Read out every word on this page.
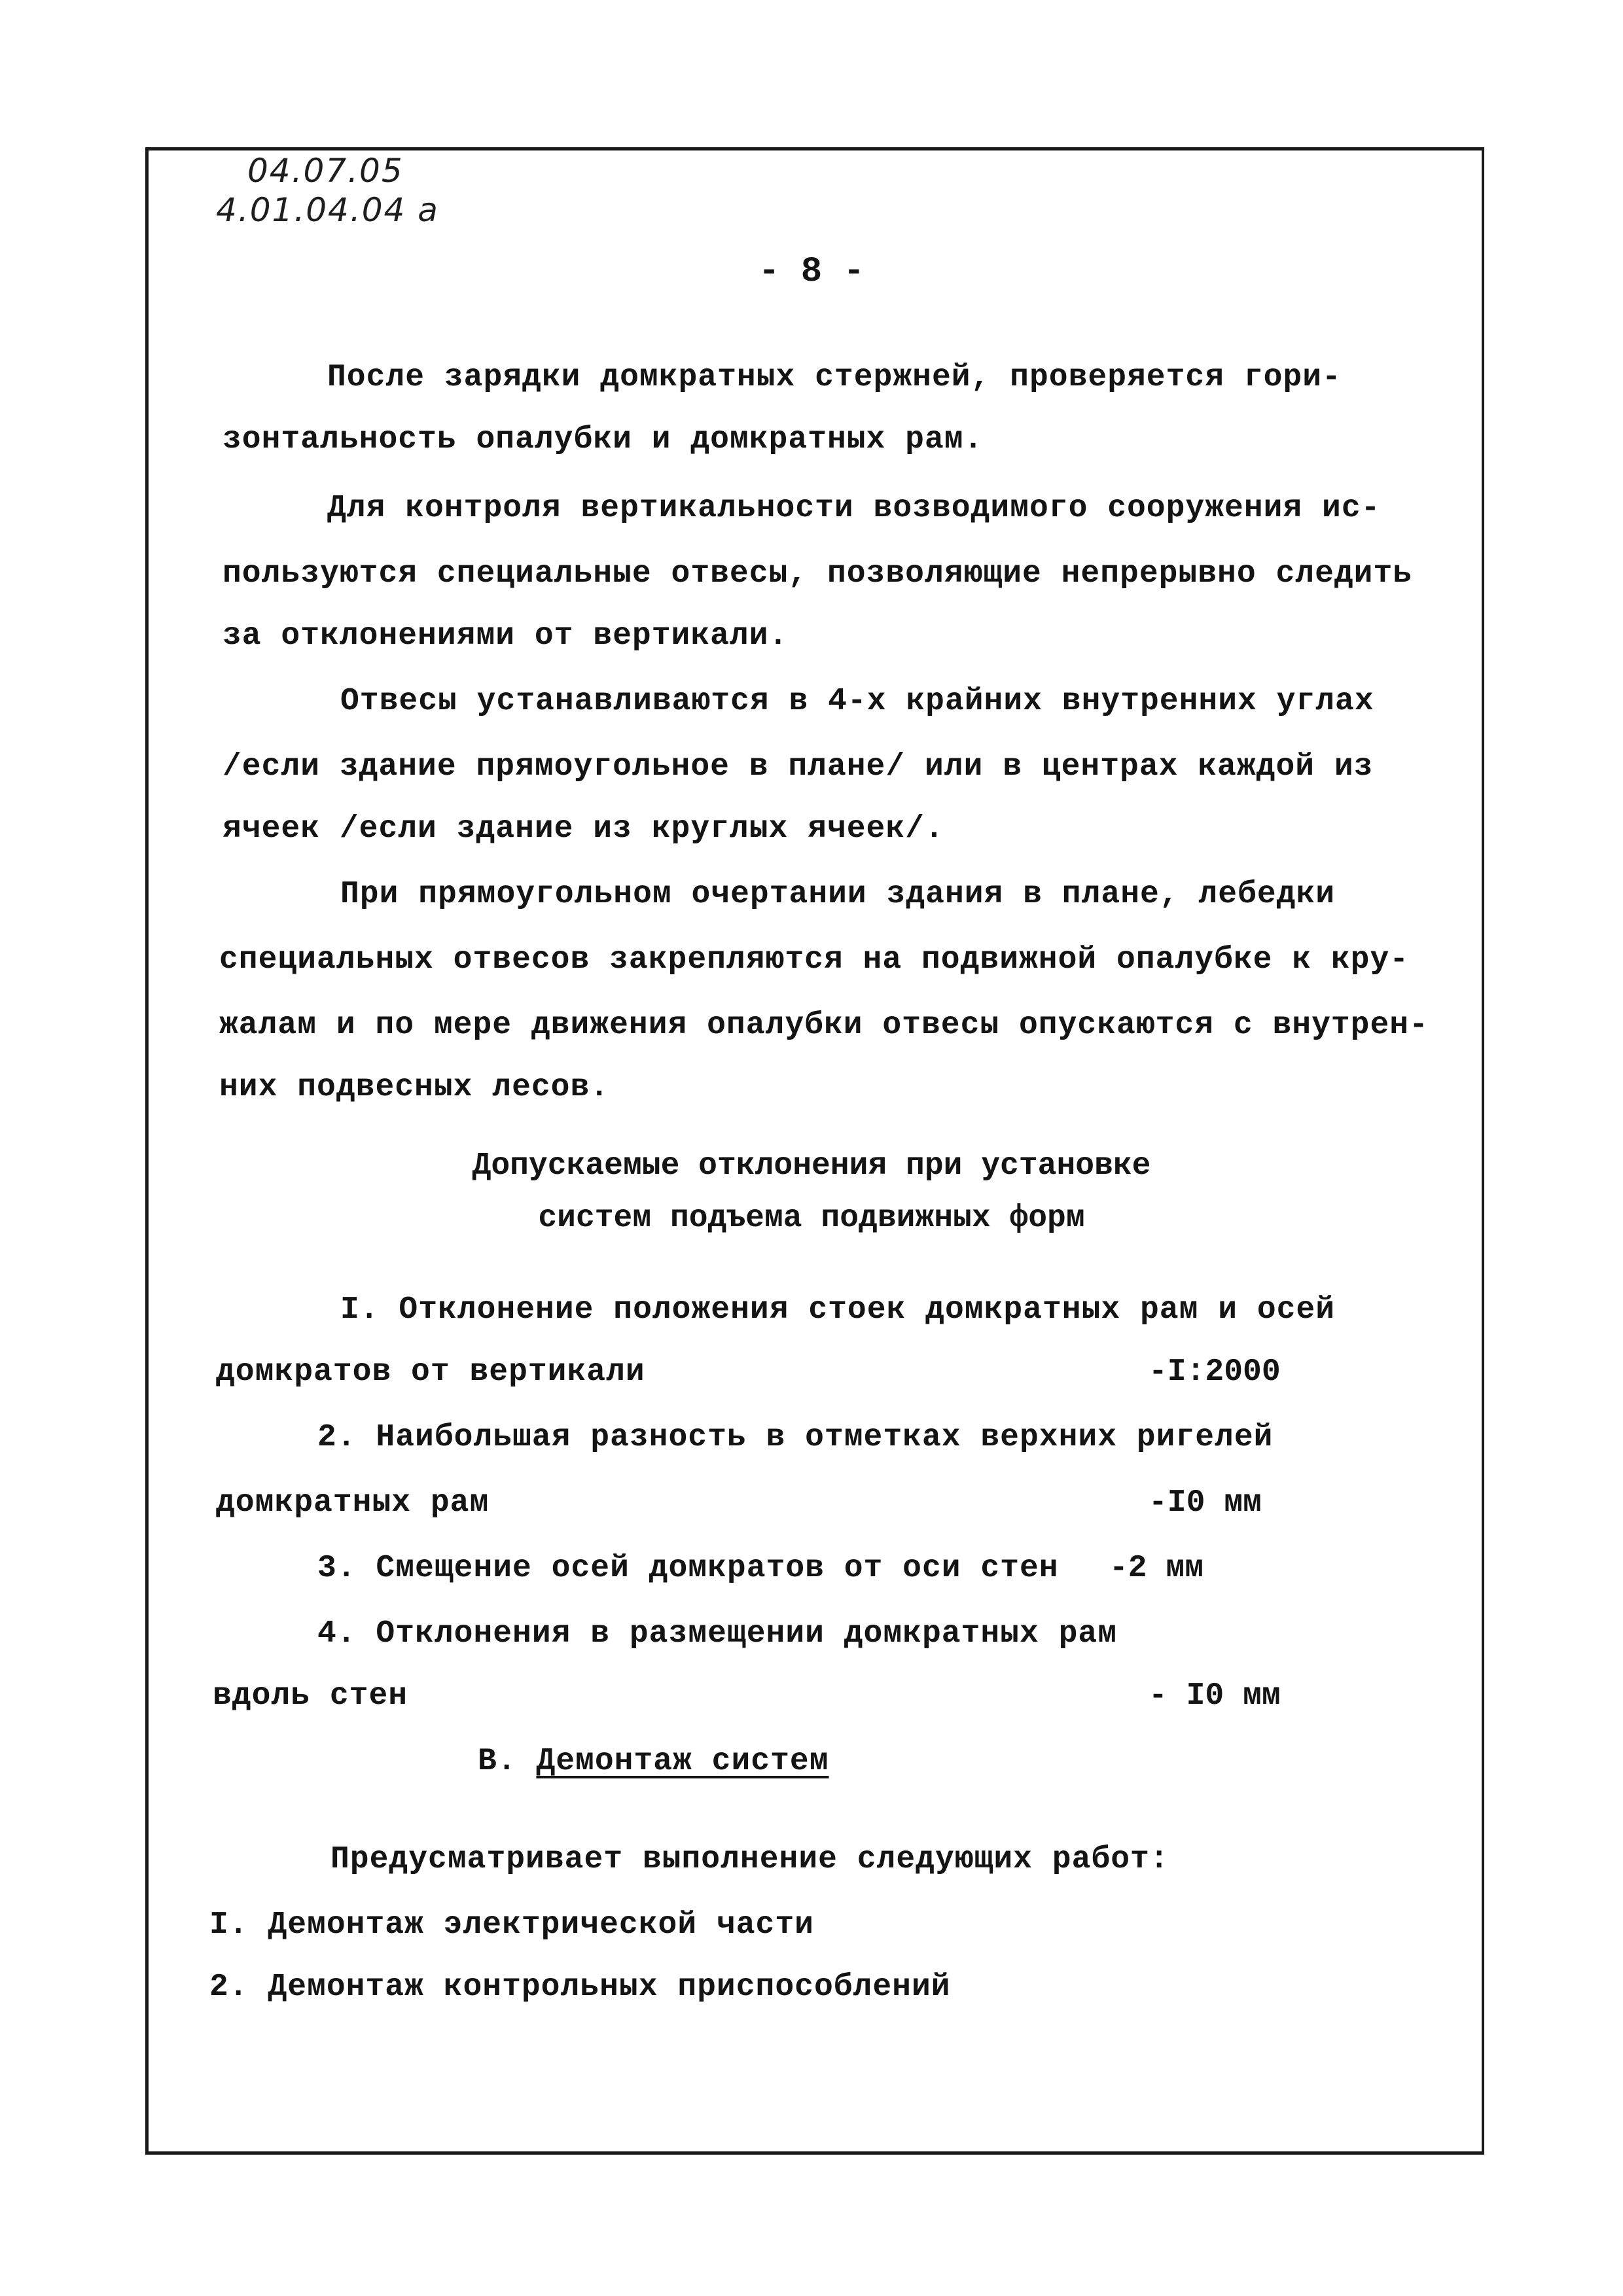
04.07.05
4.01.04.04 а
- 8 -
После зарядки домкратных стержней, проверяется гори-
зонтальность опалубки и домкратных рам.
Для контроля вертикальности возводимого сооружения ис-
пользуются специальные отвесы, позволяющие непрерывно следить
за отклонениями от вертикали.
Отвесы устанавливаются в 4-х крайних внутренних углах
/если здание прямоугольное в плане/ или в центрах каждой из
ячеек /если здание из круглых ячеек/.
При прямоугольном очертании здания в плане, лебедки
специальных отвесов закрепляются на подвижной опалубке к кру-
жалам и по мере движения опалубки отвесы опускаются с внутрен-
них подвесных лесов.
Допускаемые отклонения при установке
систем подъема подвижных форм
I. Отклонение положения стоек домкратных рам и осей
домкратов от вертикали	-I:2000
2. Наибольшая разность в отметках верхних ригелей
домкратных рам	-I0 мм
3. Смещение осей домкратов от оси стен -2 мм
4. Отклонения в размещении домкратных рам
вдоль стен	- I0 мм
В. Демонтаж систем
Предусматривает выполнение следующих работ:
I. Демонтаж электрической части
2. Демонтаж контрольных приспособлений
